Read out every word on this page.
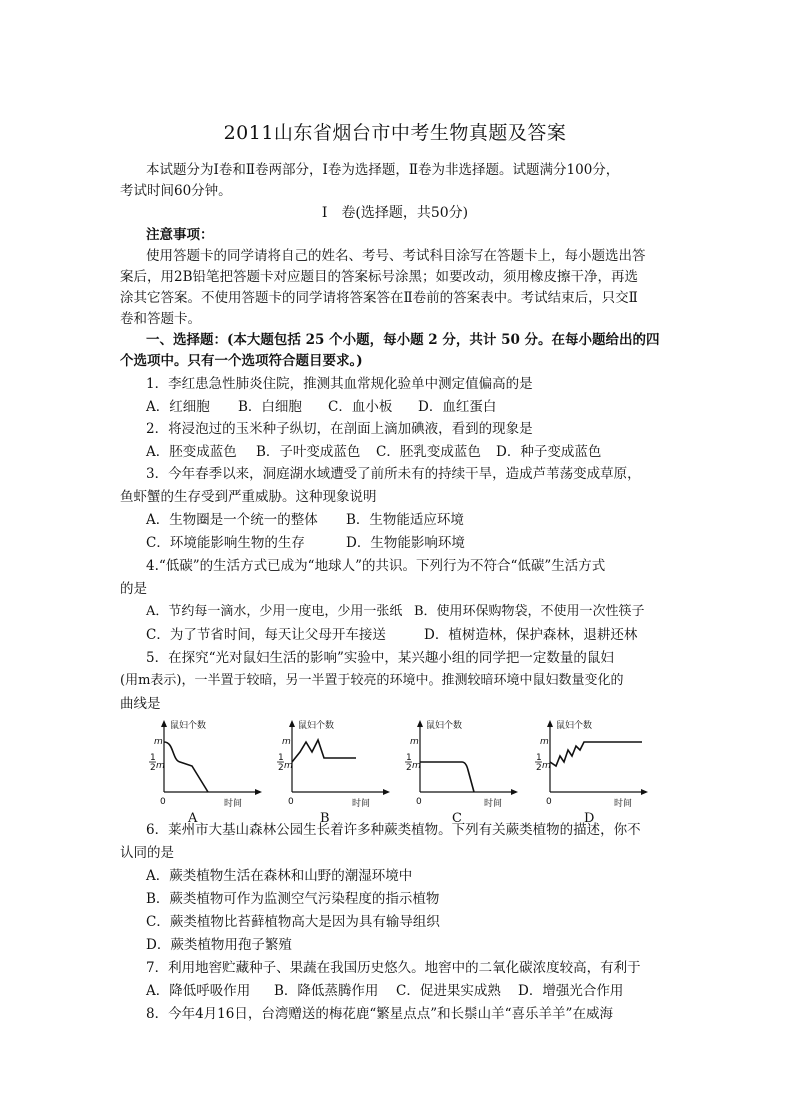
2011山东省烟台市中考生物真题及答案
本试题分为Ⅰ卷和Ⅱ卷两部分，Ⅰ卷为选择题，Ⅱ卷为非选择题。试题满分100分，
考试时间60分钟。
Ⅰ　卷(选择题，共50分)
注意事项：
使用答题卡的同学请将自己的姓名、考号、考试科目涂写在答题卡上，每小题选出答
案后，用2B铅笔把答题卡对应题目的答案标号涂黑；如要改动，须用橡皮擦干净，再选
涂其它答案。不使用答题卡的同学请将答案答在Ⅱ卷前的答案表中。考试结束后，只交Ⅱ
卷和答题卡。
一、选择题：(本大题包括 25 个小题，每小题 2 分，共计 50 分。在每小题给出的四
个选项中。只有一个选项符合题目要求。)
1．李红患急性肺炎住院，推测其血常规化验单中测定值偏高的是
A．红细胞 B．白细胞 C．血小板 D．血红蛋白
2．将浸泡过的玉米种子纵切，在剖面上滴加碘液，看到的现象是
A．胚变成蓝色 B．子叶变成蓝色 C．胚乳变成蓝色 D．种子变成蓝色
3．今年春季以来，洞庭湖水域遭受了前所未有的持续干旱，造成芦苇荡变成草原，
鱼虾蟹的生存受到严重威胁。这种现象说明
A．生物圈是一个统一的整体 B．生物能适应环境
C．环境能影响生物的生存	D．生物能影响环境
4.“低碳”的生活方式已成为“地球人”的共识。下列行为不符合“低碳”生活方式
的是
A．节约每一滴水，少用一度电，少用一张纸 B．使用环保购物袋，不使用一次性筷子
C．为了节省时间，每天让父母开车接送	D．植树造林，保护森林，退耕还林
5．在探究“光对鼠妇生活的影响”实验中，某兴趣小组的同学把一定数量的鼠妇
(用m表示)，一半置于较暗，另一半置于较亮的环境中。推测较暗环境中鼠妇数量变化的
曲线是
鼠妇个数
m
1
2 m
0	时间
A
鼠妇个数
m
1
2 m
0	时间
B
鼠妇个数
m
1
2 m
0	时间
C
鼠妇个数
m
1
2 m
0	时间
D
6．莱州市大基山森林公园生长着许多种蕨类植物。下列有关蕨类植物的描述，你不
认同的是
A．蕨类植物生活在森林和山野的潮湿环境中
B．蕨类植物可作为监测空气污染程度的指示植物
C．蕨类植物比苔藓植物高大是因为具有输导组织
D．蕨类植物用孢子繁殖
7．利用地窖贮藏种子、果蔬在我国历史悠久。地窖中的二氧化碳浓度较高，有利于
A．降低呼吸作用 B．降低蒸腾作用 C．促进果实成熟 D．增强光合作用
8．今年4月16日，台湾赠送的梅花鹿“繁星点点”和长鬃山羊“喜乐羊羊”在威海
